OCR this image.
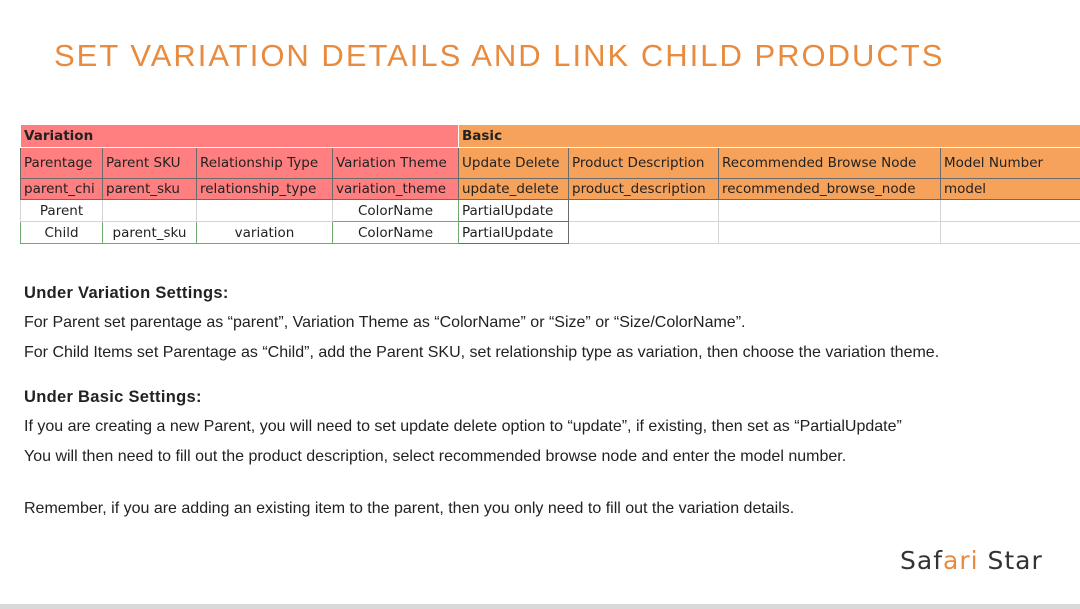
SET VARIATION DETAILS AND LINK CHILD PRODUCTS
Variation				Basic			
Parentage	Parent SKU	Relationship Type	Variation Theme	Update Delete	Product Description	Recommended Browse Node	Model Number
parent_chi	parent_sku	relationship_type	variation_theme	update_delete	product_description	recommended_browse_node	model
Parent			ColorName	PartialUpdate			
Child	parent_sku	variation	ColorName	PartialUpdate			
Under Variation Settings:

For Parent set parentage as “parent”, Variation Theme as “ColorName” or “Size” or “Size/ColorName”.

For Child Items set Parentage as “Child”, add the Parent SKU, set relationship type as variation, then choose the variation theme.

Under Basic Settings:

If you are creating a new Parent, you will need to set update delete option to “update”, if existing, then set as “PartialUpdate”

You will then need to fill out the product description, select recommended browse node and enter the model number.

Remember, if you are adding an existing item to the parent, then you only need to fill out the variation details.

Safari Star
